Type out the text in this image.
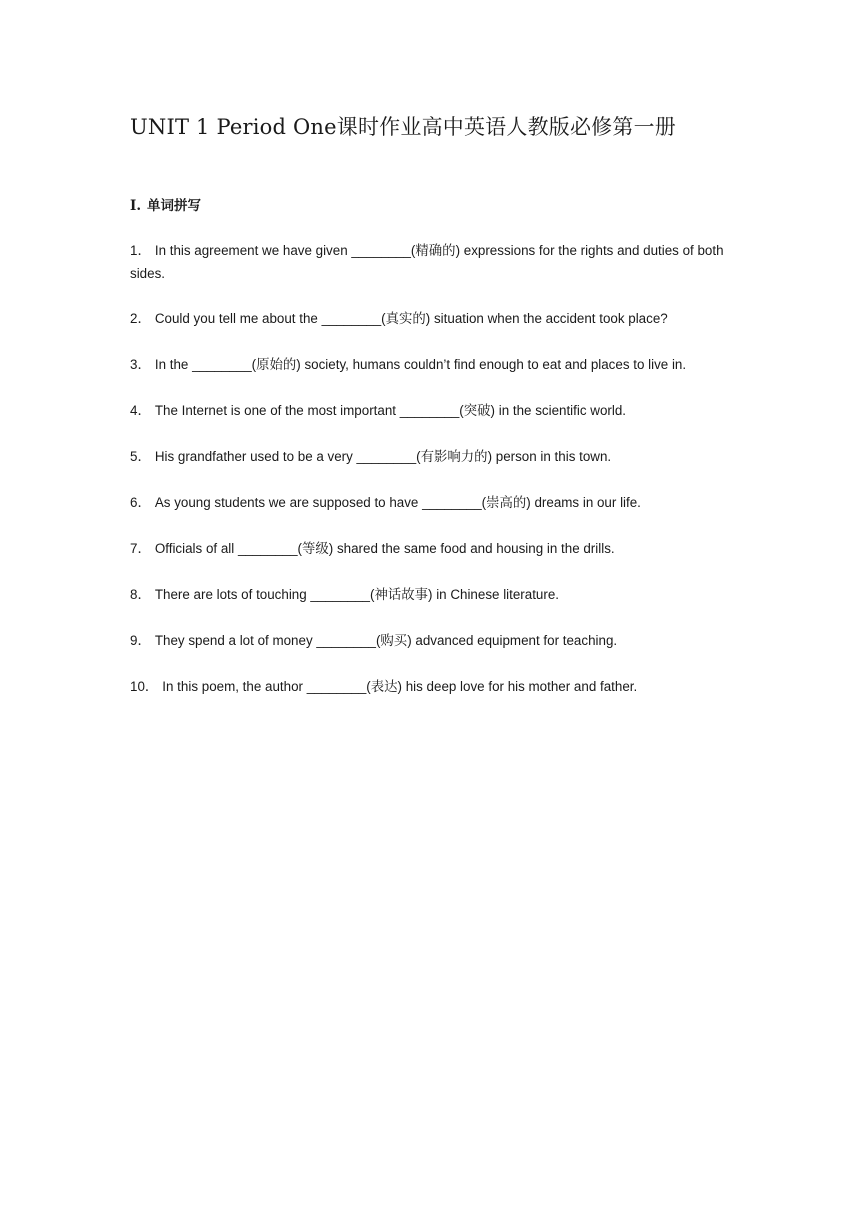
UNIT 1 Period One课时作业高中英语人教版必修第一册
Ⅰ. 单词拼写
1． In this agreement we have given ________(精确的) expressions for the rights and duties of both sides.
2． Could you tell me about the ________(真实的) situation when the accident took place?
3． In the ________(原始的) society, humans couldn’t find enough to eat and places to live in.
4． The Internet is one of the most important ________(突破) in the scientific world.
5． His grandfather used to be a very ________(有影响力的) person in this town.
6． As young students we are supposed to have ________(崇高的) dreams in our life.
7． Officials of all ________(等级) shared the same food and housing in the drills.
8． There are lots of touching ________(神话故事) in Chinese literature.
9． They spend a lot of money ________(购买) advanced equipment for teaching.
10． In this poem, the author ________(表达) his deep love for his mother and father.
